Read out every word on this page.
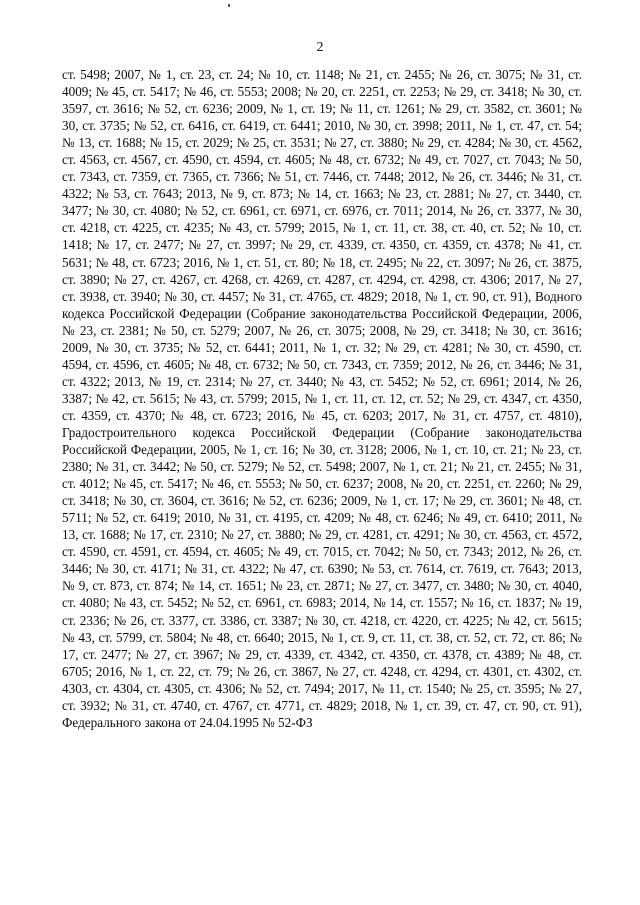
2

ст. 5498; 2007, № 1, ст. 23, ст. 24; № 10, ст. 1148; № 21, ст. 2455; № 26, ст. 3075; № 31, ст. 4009; № 45, ст. 5417; № 46, ст. 5553; 2008; № 20, ст. 2251, ст. 2253; № 29, ст. 3418; № 30, ст. 3597, ст. 3616; № 52, ст. 6236; 2009, № 1, ст. 19; № 11, ст. 1261; № 29, ст. 3582, ст. 3601; № 30, ст. 3735; № 52, ст. 6416, ст. 6419, ст. 6441; 2010, № 30, ст. 3998; 2011, № 1, ст. 47, ст. 54; № 13, ст. 1688; № 15, ст. 2029; № 25, ст. 3531; № 27, ст. 3880; № 29, ст. 4284; № 30, ст. 4562, ст. 4563, ст. 4567, ст. 4590, ст. 4594, ст. 4605; № 48, ст. 6732; № 49, ст. 7027, ст. 7043; № 50, ст. 7343, ст. 7359, ст. 7365, ст. 7366; № 51, ст. 7446, ст. 7448; 2012, № 26, ст. 3446; № 31, ст. 4322; № 53, ст. 7643; 2013, № 9, ст. 873; № 14, ст. 1663; № 23, ст. 2881; № 27, ст. 3440, ст. 3477; № 30, ст. 4080; № 52, ст. 6961, ст. 6971, ст. 6976, ст. 7011; 2014, № 26, ст. 3377, № 30, ст. 4218, ст. 4225, ст. 4235; № 43, ст. 5799; 2015, № 1, ст. 11, ст. 38, ст. 40, ст. 52; № 10, ст. 1418; № 17, ст. 2477; № 27, ст. 3997; № 29, ст. 4339, ст. 4350, ст. 4359, ст. 4378; № 41, ст. 5631; № 48, ст. 6723; 2016, № 1, ст. 51, ст. 80; № 18, ст. 2495; № 22, ст. 3097; № 26, ст. 3875, ст. 3890; № 27, ст. 4267, ст. 4268, ст. 4269, ст. 4287, ст. 4294, ст. 4298, ст. 4306; 2017, № 27, ст. 3938, ст. 3940; № 30, ст. 4457; № 31, ст. 4765, ст. 4829; 2018, № 1, ст. 90, ст. 91), Водного кодекса Российской Федерации (Собрание законодательства Российской Федерации, 2006, № 23, ст. 2381; № 50, ст. 5279; 2007, № 26, ст. 3075; 2008, № 29, ст. 3418; № 30, ст. 3616; 2009, № 30, ст. 3735; № 52, ст. 6441; 2011, № 1, ст. 32; № 29, ст. 4281; № 30, ст. 4590, ст. 4594, ст. 4596, ст. 4605; № 48, ст. 6732; № 50, ст. 7343, ст. 7359; 2012, № 26, ст. 3446; № 31, ст. 4322; 2013, № 19, ст. 2314; № 27, ст. 3440; № 43, ст. 5452; № 52, ст. 6961; 2014, № 26, 3387; № 42, ст. 5615; № 43, ст. 5799; 2015, № 1, ст. 11, ст. 12, ст. 52; № 29, ст. 4347, ст. 4350, ст. 4359, ст. 4370; № 48, ст. 6723; 2016, № 45, ст. 6203; 2017, № 31, ст. 4757, ст. 4810), Градостроительного кодекса Российской Федерации (Собрание законодательства Российской Федерации, 2005, № 1, ст. 16; № 30, ст. 3128; 2006, № 1, ст. 10, ст. 21; № 23, ст. 2380; № 31, ст. 3442; № 50, ст. 5279; № 52, ст. 5498; 2007, № 1, ст. 21; № 21, ст. 2455; № 31, ст. 4012; № 45, ст. 5417; № 46, ст. 5553; № 50, ст. 6237; 2008, № 20, ст. 2251, ст. 2260; № 29, ст. 3418; № 30, ст. 3604, ст. 3616; № 52, ст. 6236; 2009, № 1, ст. 17; № 29, ст. 3601; № 48, ст. 5711; № 52, ст. 6419; 2010, № 31, ст. 4195, ст. 4209; № 48, ст. 6246; № 49, ст. 6410; 2011, № 13, ст. 1688; № 17, ст. 2310; № 27, ст. 3880; № 29, ст. 4281, ст. 4291; № 30, ст. 4563, ст. 4572, ст. 4590, ст. 4591, ст. 4594, ст. 4605; № 49, ст. 7015, ст. 7042; № 50, ст. 7343; 2012, № 26, ст. 3446; № 30, ст. 4171; № 31, ст. 4322; № 47, ст. 6390; № 53, ст. 7614, ст. 7619, ст. 7643; 2013, № 9, ст. 873, ст. 874; № 14, ст. 1651; № 23, ст. 2871; № 27, ст. 3477, ст. 3480; № 30, ст. 4040, ст. 4080; № 43, ст. 5452; № 52, ст. 6961, ст. 6983; 2014, № 14, ст. 1557; № 16, ст. 1837; № 19, ст. 2336; № 26, ст. 3377, ст. 3386, ст. 3387; № 30, ст. 4218, ст. 4220, ст. 4225; № 42, ст. 5615; № 43, ст. 5799, ст. 5804; № 48, ст. 6640; 2015, № 1, ст. 9, ст. 11, ст. 38, ст. 52, ст. 72, ст. 86; № 17, ст. 2477; № 27, ст. 3967; № 29, ст. 4339, ст. 4342, ст. 4350, ст. 4378, ст. 4389; № 48, ст. 6705; 2016, № 1, ст. 22, ст. 79; № 26, ст. 3867, № 27, ст. 4248, ст. 4294, ст. 4301, ст. 4302, ст. 4303, ст. 4304, ст. 4305, ст. 4306; № 52, ст. 7494; 2017, № 11, ст. 1540; № 25, ст. 3595; № 27, ст. 3932; № 31, ст. 4740, ст. 4767, ст. 4771, ст. 4829; 2018, № 1, ст. 39, ст. 47, ст. 90, ст. 91), Федерального закона от 24.04.1995 № 52-ФЗ
